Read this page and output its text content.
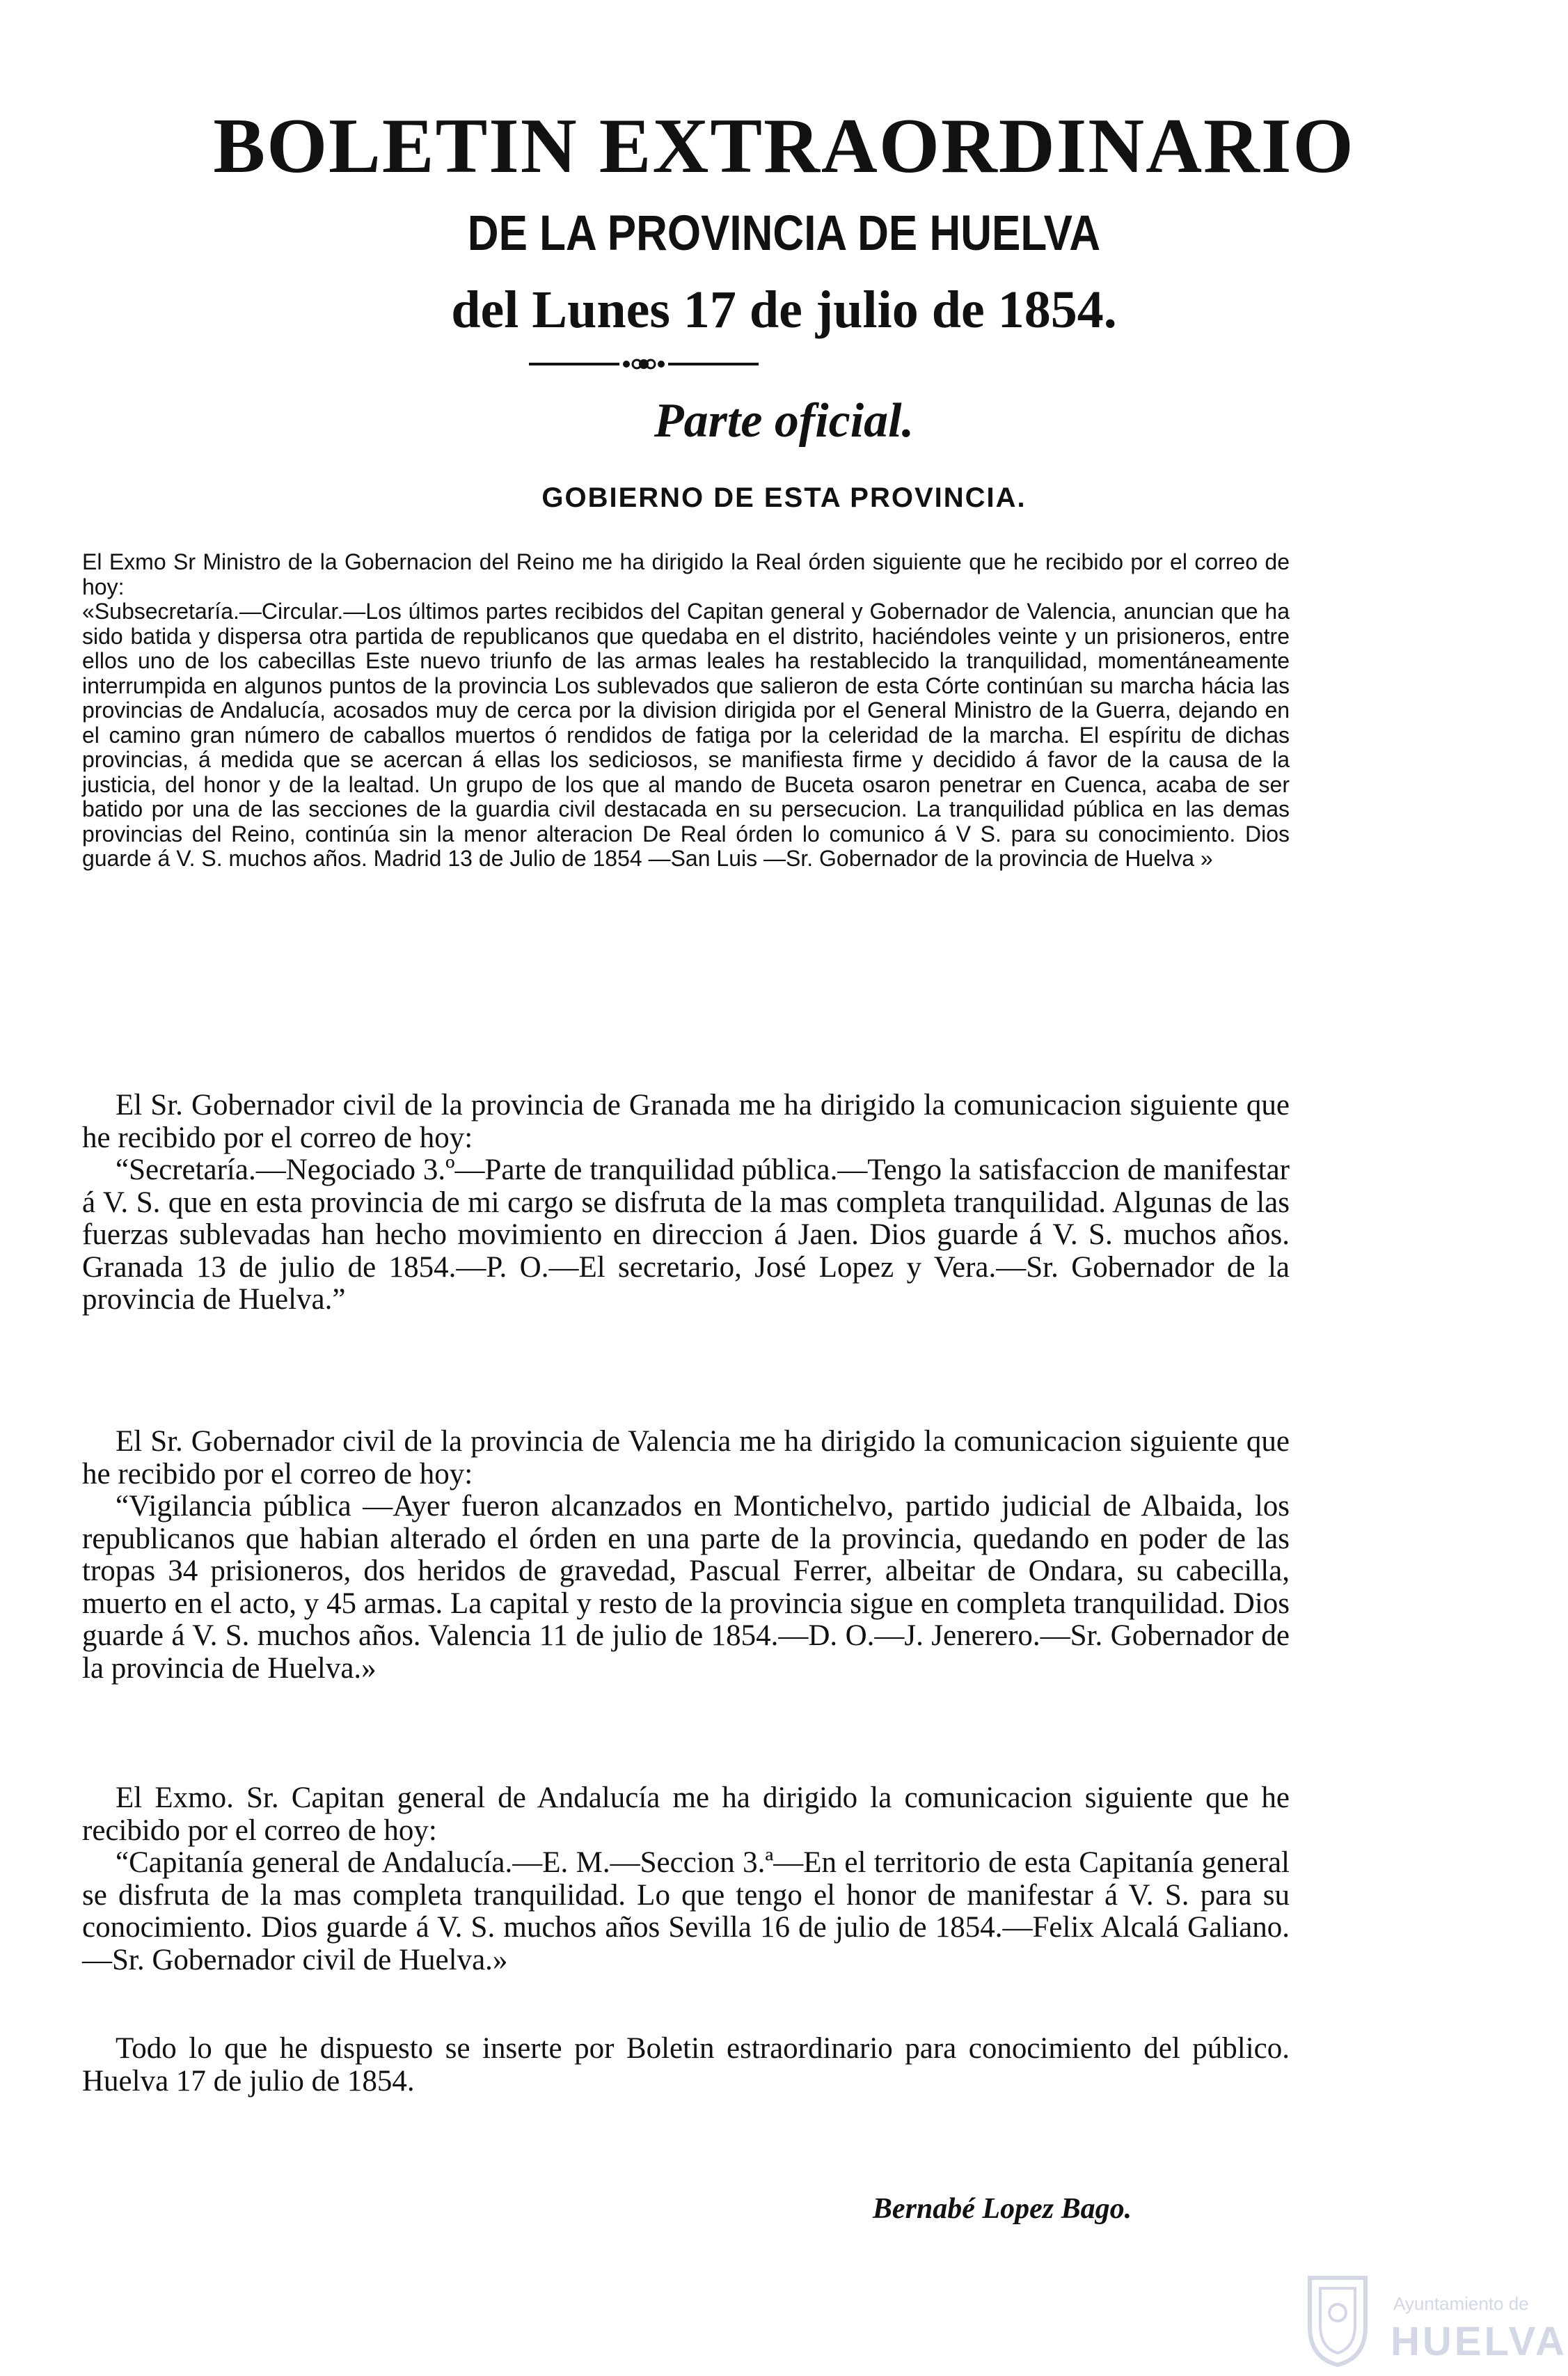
BOLETIN EXTRAORDINARIO
DE LA PROVINCIA DE HUELVA
del Lunes 17 de julio de 1854.
Parte oficial.
GOBIERNO DE ESTA PROVINCIA.

El Exmo Sr Ministro de la Gobernacion del Reino me ha dirigido la Real órden siguiente que he recibido por el correo de hoy:

«Subsecretaría.—Circular.—Los últimos partes recibidos del Capitan general y Gobernador de Valencia, anuncian que ha sido batida y dispersa otra partida de republicanos que quedaba en el distrito, haciéndoles veinte y un prisioneros, entre ellos uno de los cabecillas Este nuevo triunfo de las armas leales ha restablecido la tranquilidad, momentáneamente interrumpida en algunos puntos de la provincia Los sublevados que salieron de esta Córte continúan su marcha hácia las provincias de Andalucía, acosados muy de cerca por la division dirigida por el General Ministro de la Guerra, dejando en el camino gran número de caballos muertos ó rendidos de fatiga por la celeridad de la marcha. El espíritu de dichas provincias, á medida que se acercan á ellas los sediciosos, se manifiesta firme y decidido á favor de la causa de la justicia, del honor y de la lealtad. Un grupo de los que al mando de Buceta osaron penetrar en Cuenca, acaba de ser batido por una de las secciones de la guardia civil destacada en su persecucion. La tranquilidad pública en las demas provincias del Reino, continúa sin la menor alteracion De Real órden lo comunico á V S. para su conocimiento. Dios guarde á V. S. muchos años. Madrid 13 de Julio de 1854 —San Luis —Sr. Gobernador de la provincia de Huelva »

El Sr. Gobernador civil de la provincia de Granada me ha dirigido la comunicacion siguiente que he recibido por el correo de hoy:

“Secretaría.—Negociado 3.º—Parte de tranquilidad pública.—Tengo la satisfaccion de manifestar á V. S. que en esta provincia de mi cargo se disfruta de la mas completa tranquilidad. Algunas de las fuerzas sublevadas han hecho movimiento en direccion á Jaen. Dios guarde á V. S. muchos años. Granada 13 de julio de 1854.—P. O.—El secretario, José Lopez y Vera.—Sr. Gobernador de la provincia de Huelva.”

El Sr. Gobernador civil de la provincia de Valencia me ha dirigido la comunicacion siguiente que he recibido por el correo de hoy:

“Vigilancia pública —Ayer fueron alcanzados en Montichelvo, partido judicial de Albaida, los republicanos que habian alterado el órden en una parte de la provincia, quedando en poder de las tropas 34 prisioneros, dos heridos de gravedad, Pascual Ferrer, albeitar de Ondara, su cabecilla, muerto en el acto, y 45 armas. La capital y resto de la provincia sigue en completa tranquilidad. Dios guarde á V. S. muchos años. Valencia 11 de julio de 1854.—D. O.—J. Jenerero.—Sr. Gobernador de la provincia de Huelva.»

El Exmo. Sr. Capitan general de Andalucía me ha dirigido la comunicacion siguiente que he recibido por el correo de hoy:

“Capitanía general de Andalucía.—E. M.—Seccion 3.ª—En el territorio de esta Capitanía general se disfruta de la mas completa tranquilidad. Lo que tengo el honor de manifestar á V. S. para su conocimiento. Dios guarde á V. S. muchos años Sevilla 16 de julio de 1854.—Felix Alcalá Galiano.—Sr. Gobernador civil de Huelva.»

Todo lo que he dispuesto se inserte por Boletin estraordinario para conocimiento del público. Huelva 17 de julio de 1854.

Bernabé Lopez Bago.
Ayuntamiento de
HUELVA
